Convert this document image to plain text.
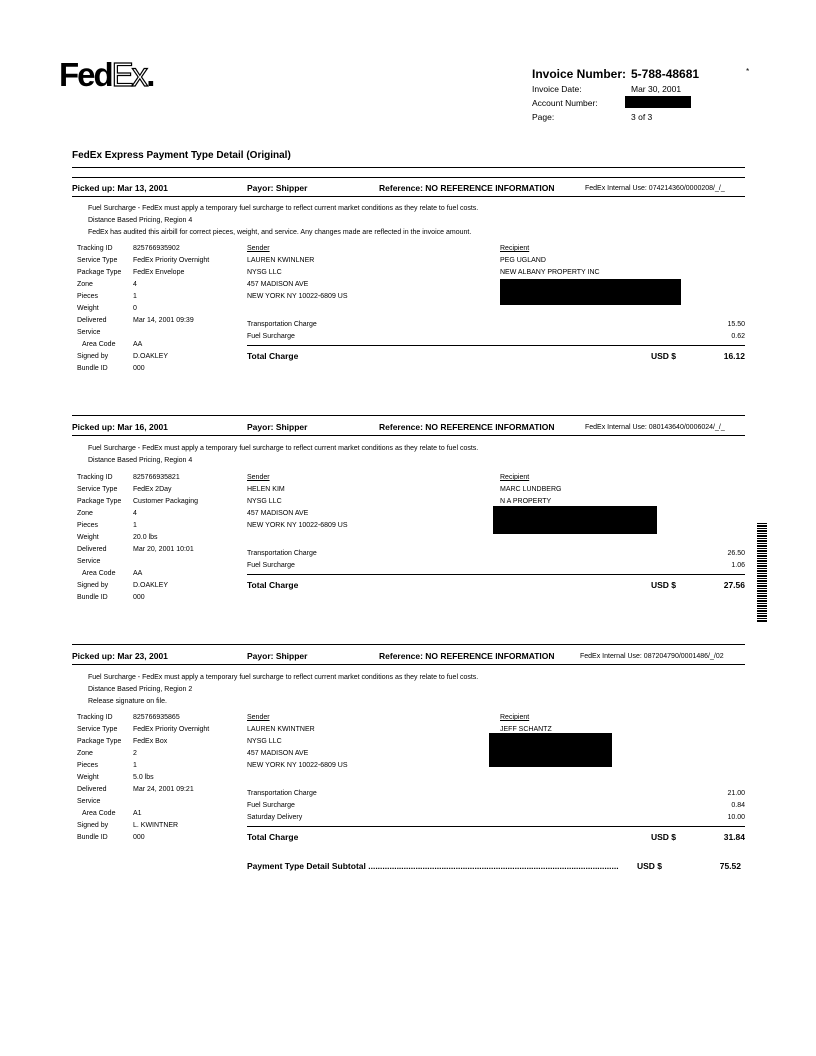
FedEx.	Invoice Number: 5-788-48681	*
Invoice Date:	Mar 30, 2001
Account Number:
Page:	3 of 3
FedEx Express Payment Type Detail (Original)
Picked up: Mar 13, 2001	Payor: Shipper	Reference: NO REFERENCE INFORMATION	FedEx Internal Use: 074214360/0000208/_/_
Fuel Surcharge - FedEx must apply a temporary fuel surcharge to reflect current market conditions as they relate to fuel costs.
Distance Based Pricing, Region 4
FedEx has audited this airbill for correct pieces, weight, and service. Any changes made are reflected in the invoice amount.
Tracking ID	825766935902
Service Type FedEx Priority Overnight
Package Type FedEx Envelope
Zone	4
Pieces	1
Weight	0
Delivered	Mar 14, 2001 09:39
Service
Area Code	AA
Signed by	D.OAKLEY
Bundle ID	000
Sender
LAUREN KWINLNER
NYSG LLC
457 MADISON AVE
NEW YORK NY 10022-6809 US
Recipient
PEG UGLAND
NEW ALBANY PROPERTY INC
Transportation Charge	15.50
Fuel Surcharge	0.62
Total Charge	USD $	16.12
Picked up: Mar 16, 2001	Payor: Shipper	Reference: NO REFERENCE INFORMATION	FedEx Internal Use: 080143640/0006024/_/_
Fuel Surcharge - FedEx must apply a temporary fuel surcharge to reflect current market conditions as they relate to fuel costs.
Distance Based Pricing, Region 4
Tracking ID	825766935821
Service Type FedEx 2Day
Package Type Customer Packaging
Zone	4
Pieces	1
Weight	20.0 lbs
Delivered	Mar 20, 2001 10:01
Service
Area Code	AA
Signed by	D.OAKLEY
Bundle ID	000
Sender
HELEN KIM
NYSG LLC
457 MADISON AVE
NEW YORK NY 10022-6809 US
Recipient
MARC LUNDBERG
N A PROPERTY
Transportation Charge	26.50
Fuel Surcharge	1.06
Total Charge	USD $	27.56
Picked up: Mar 23, 2001	Payor: Shipper	Reference: NO REFERENCE INFORMATION	FedEx Internal Use: 087204790/0001486/_/02
Fuel Surcharge - FedEx must apply a temporary fuel surcharge to reflect current market conditions as they relate to fuel costs.
Distance Based Pricing, Region 2
Release signature on file.
Tracking ID	825766935865
Service Type FedEx Priority Overnight
Package Type FedEx Box
Zone	2
Pieces	1
Weight	5.0 lbs
Delivered	Mar 24, 2001 09:21
Service
Area Code	A1
Signed by	L. KWINTNER
Bundle ID	000
Sender
LAUREN KWINTNER
NYSG LLC
457 MADISON AVE
NEW YORK NY 10022-6809 US
Recipient
JEFF SCHANTZ
Transportation Charge	21.00
Fuel Surcharge	0.84
Saturday Delivery	10.00
Total Charge	USD $	31.84
Payment Type Detail Subtotal ..........................................................................................................	USD $	75.52
